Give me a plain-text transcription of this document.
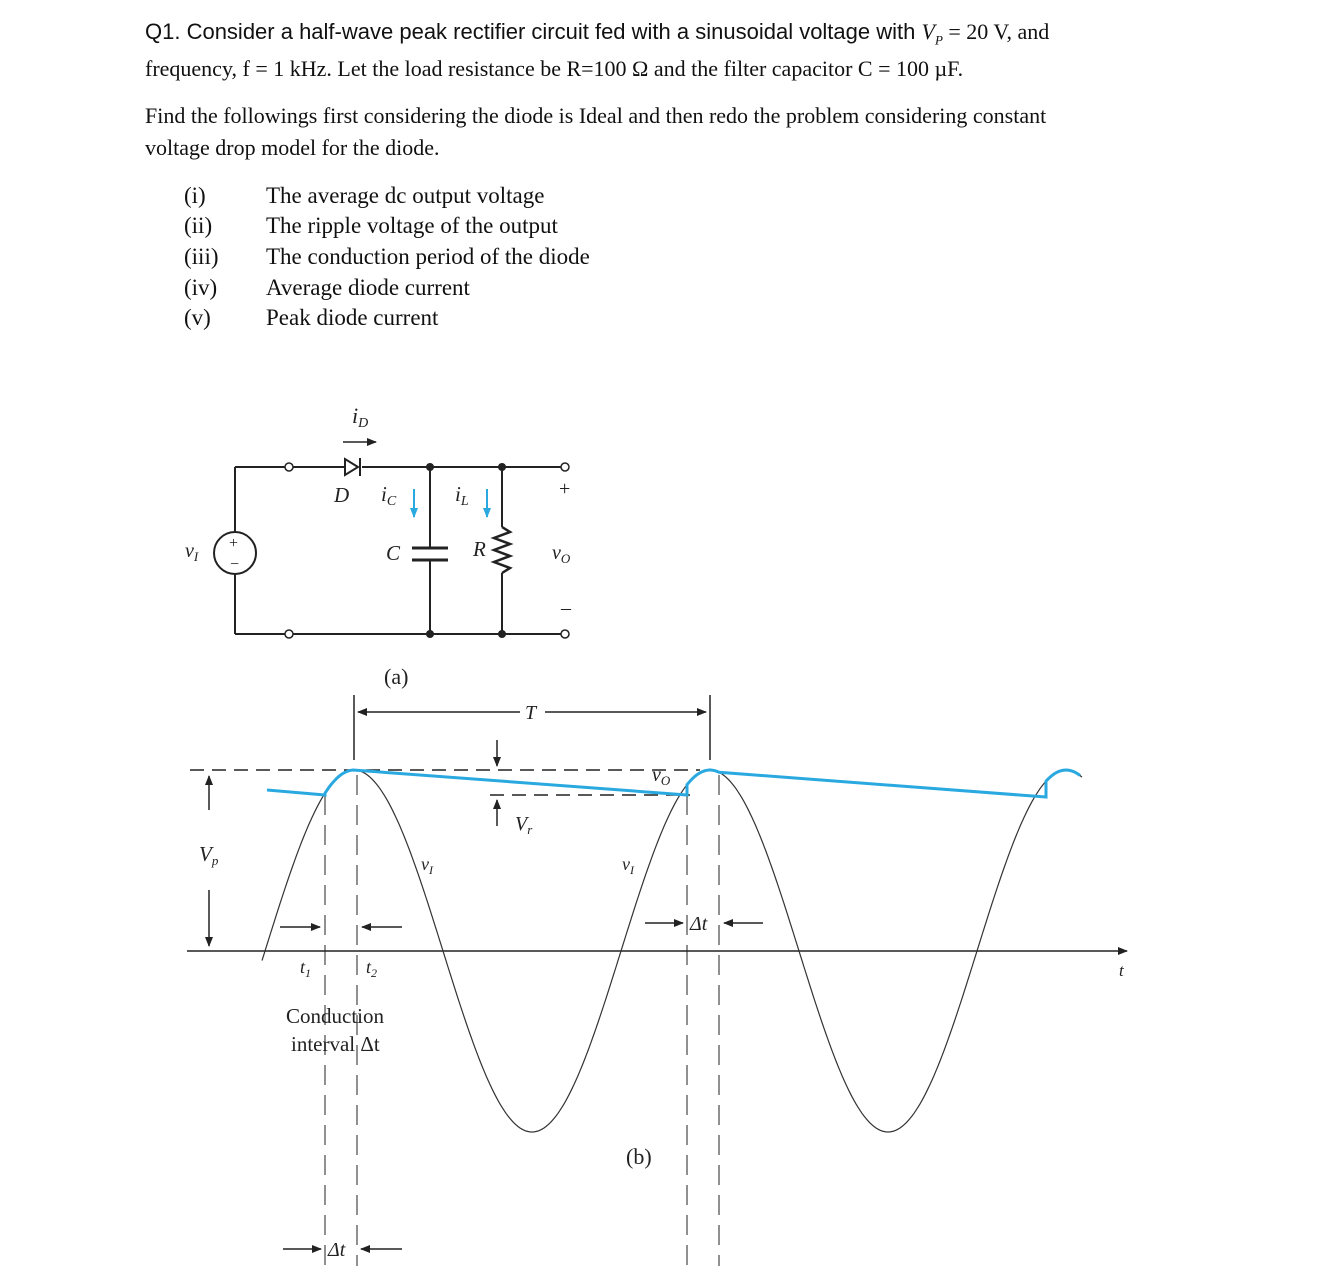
Q1. Consider a half-wave peak rectifier circuit fed with a sinusoidal voltage with $V_P = 20$ V, and
frequency, f = 1 kHz. Let the load resistance be R=100 Ω and the filter capacitor C = 100 µF.
Find the followings first considering the diode is Ideal and then redo the problem considering constant
voltage drop model for the diode.
(i)	The average dc output voltage
(ii) The ripple voltage of the output
(iii) The conduction period of the diode
(iv) Average diode current
(v) Peak diode current
iD
D iC	iL
C	R
$v_I$	$v_O$
+
–
+
−
(a)
T
$v_O$
$V_r$
Vp	$v_I$	$v_I$
$t_1$	$t_2$
Δt
Δt
Conduction
interval Δt
t
(b)
